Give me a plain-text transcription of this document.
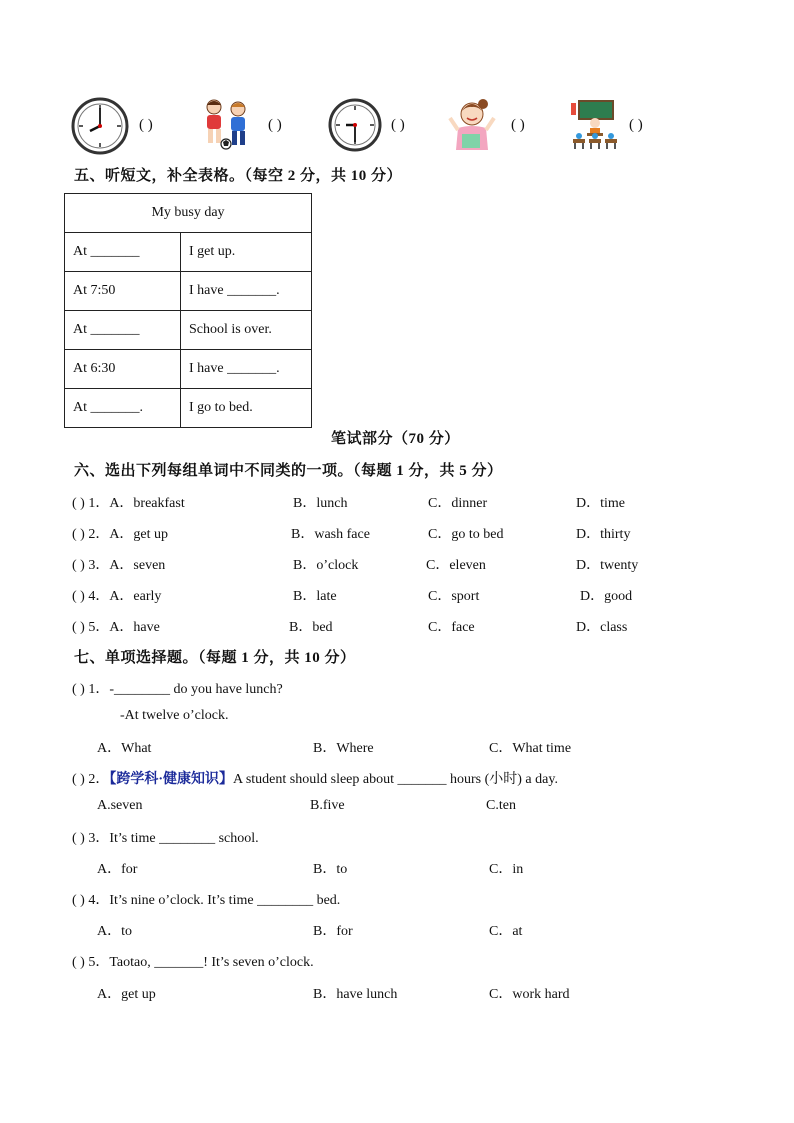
( )	( )	( )	( )	( )
五、听短文，补全表格。（每空 2 分，共 10 分）
My busy day	
At _______	I get up.
At 7:50	I have _______.
At _______	School is over.
At 6:30	I have _______.
At _______.	I go to bed.
笔试部分（70 分）
六、选出下列每组单词中不同类的一项。（每题 1 分，共 5 分）
( ) 1．A．breakfast	B．lunch	C．dinner	D．time
( ) 2．A．get up	B．wash face	C．go to bed	D．thirty
( ) 3．A．seven	B．o’clock	C．eleven	D．twenty
( ) 4．A．early	B．late	C．sport	D．good
( ) 5．A．have	B．bed	C．face	D．class
七、单项选择题。（每题 1 分，共 10 分）
( ) 1．-________ do you have lunch?
-At twelve o’clock.
A．What	B．Where	C．What time
( ) 2．【跨学科·健康知识】A student should sleep about _______ hours (小时) a day.
A.seven	B.five	C.ten
( ) 3．It’s time ________ school.
A．for	B．to	C．in
( ) 4．It’s nine o’clock. It’s time ________ bed.
A．to	B．for	C．at
( ) 5．Taotao, _______! It’s seven o’clock.
A．get up	B．have lunch	C．work hard
